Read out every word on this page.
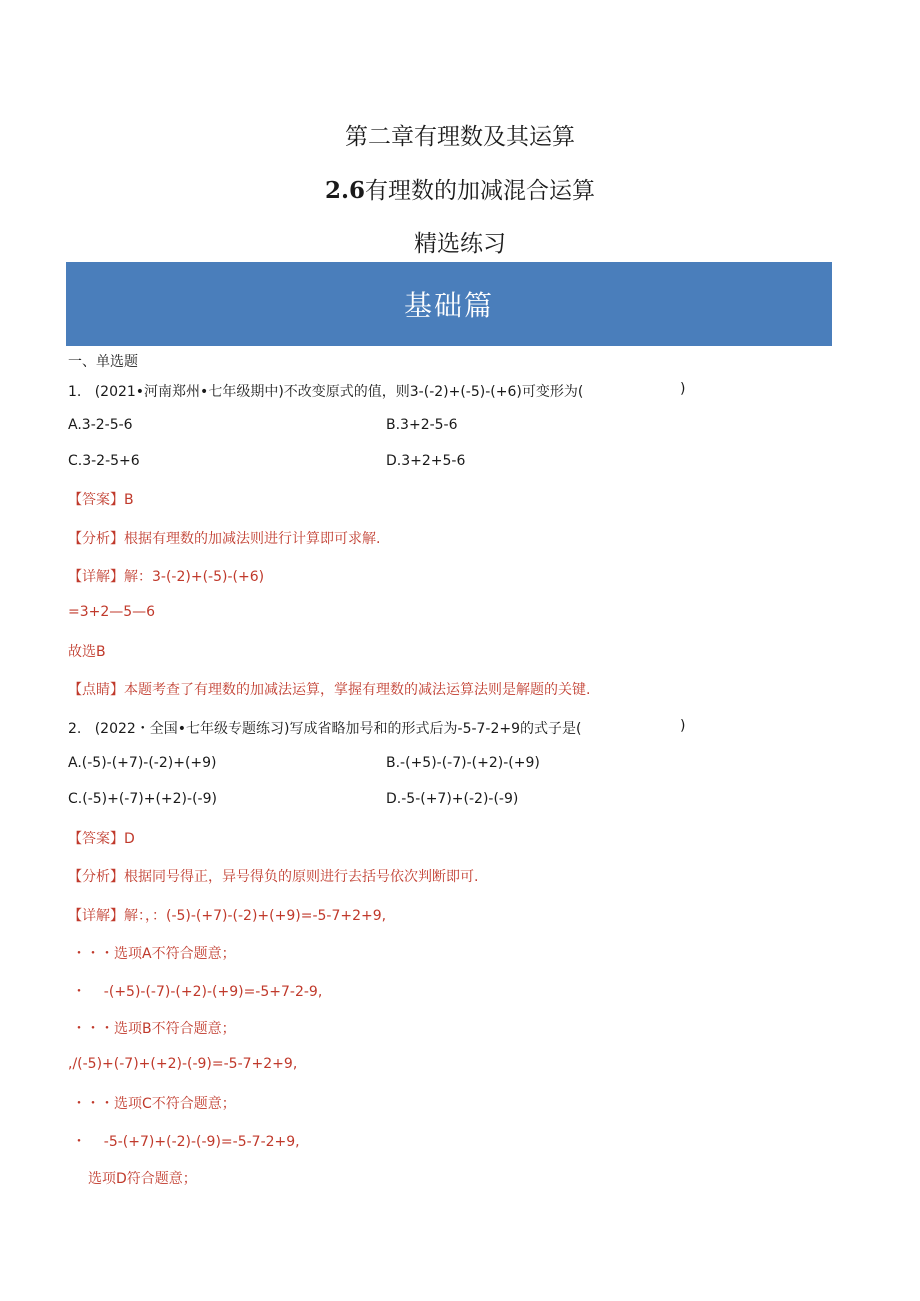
第二章有理数及其运算
2.6有理数的加减混合运算
精选练习
基础篇
一、单选题
1.   (2021•河南郑州•七年级期中)不改变原式的值，则3-(-2)+(-5)-(+6)可变形为(	)
A.3-2-5-6	B.3+2-5-6
C.3-2-5+6	D.3+2+5-6
【答案】B
【分析】根据有理数的加减法则进行计算即可求解.
【详解】解：3-(-2)+(-5)-(+6)
=3+2—5—6
故选B
【点睛】本题考查了有理数的加减法运算，掌握有理数的减法运算法则是解题的关键.
2.   (2022・全国•七年级专题练习)写成省略加号和的形式后为-5-7-2+9的式子是(	)
A.(-5)-(+7)-(-2)+(+9)	B.-(+5)-(-7)-(+2)-(+9)
C.(-5)+(-7)+(+2)-(-9)	D.-5-(+7)+(-2)-(-9)
【答案】D
【分析】根据同号得正，异号得负的原则进行去括号依次判断即可.
【详解】解：，：(-5)-(+7)-(-2)+(+9)=-5-7+2+9,
・・・选项A不符合题意；
・    -(+5)-(-7)-(+2)-(+9)=-5+7-2-9,
・・・选项B不符合题意；
,/(-5)+(-7)+(+2)-(-9)=-5-7+2+9,
・・・选项C不符合题意；
・    -5-(+7)+(-2)-(-9)=-5-7-2+9,
选项D符合题意；
